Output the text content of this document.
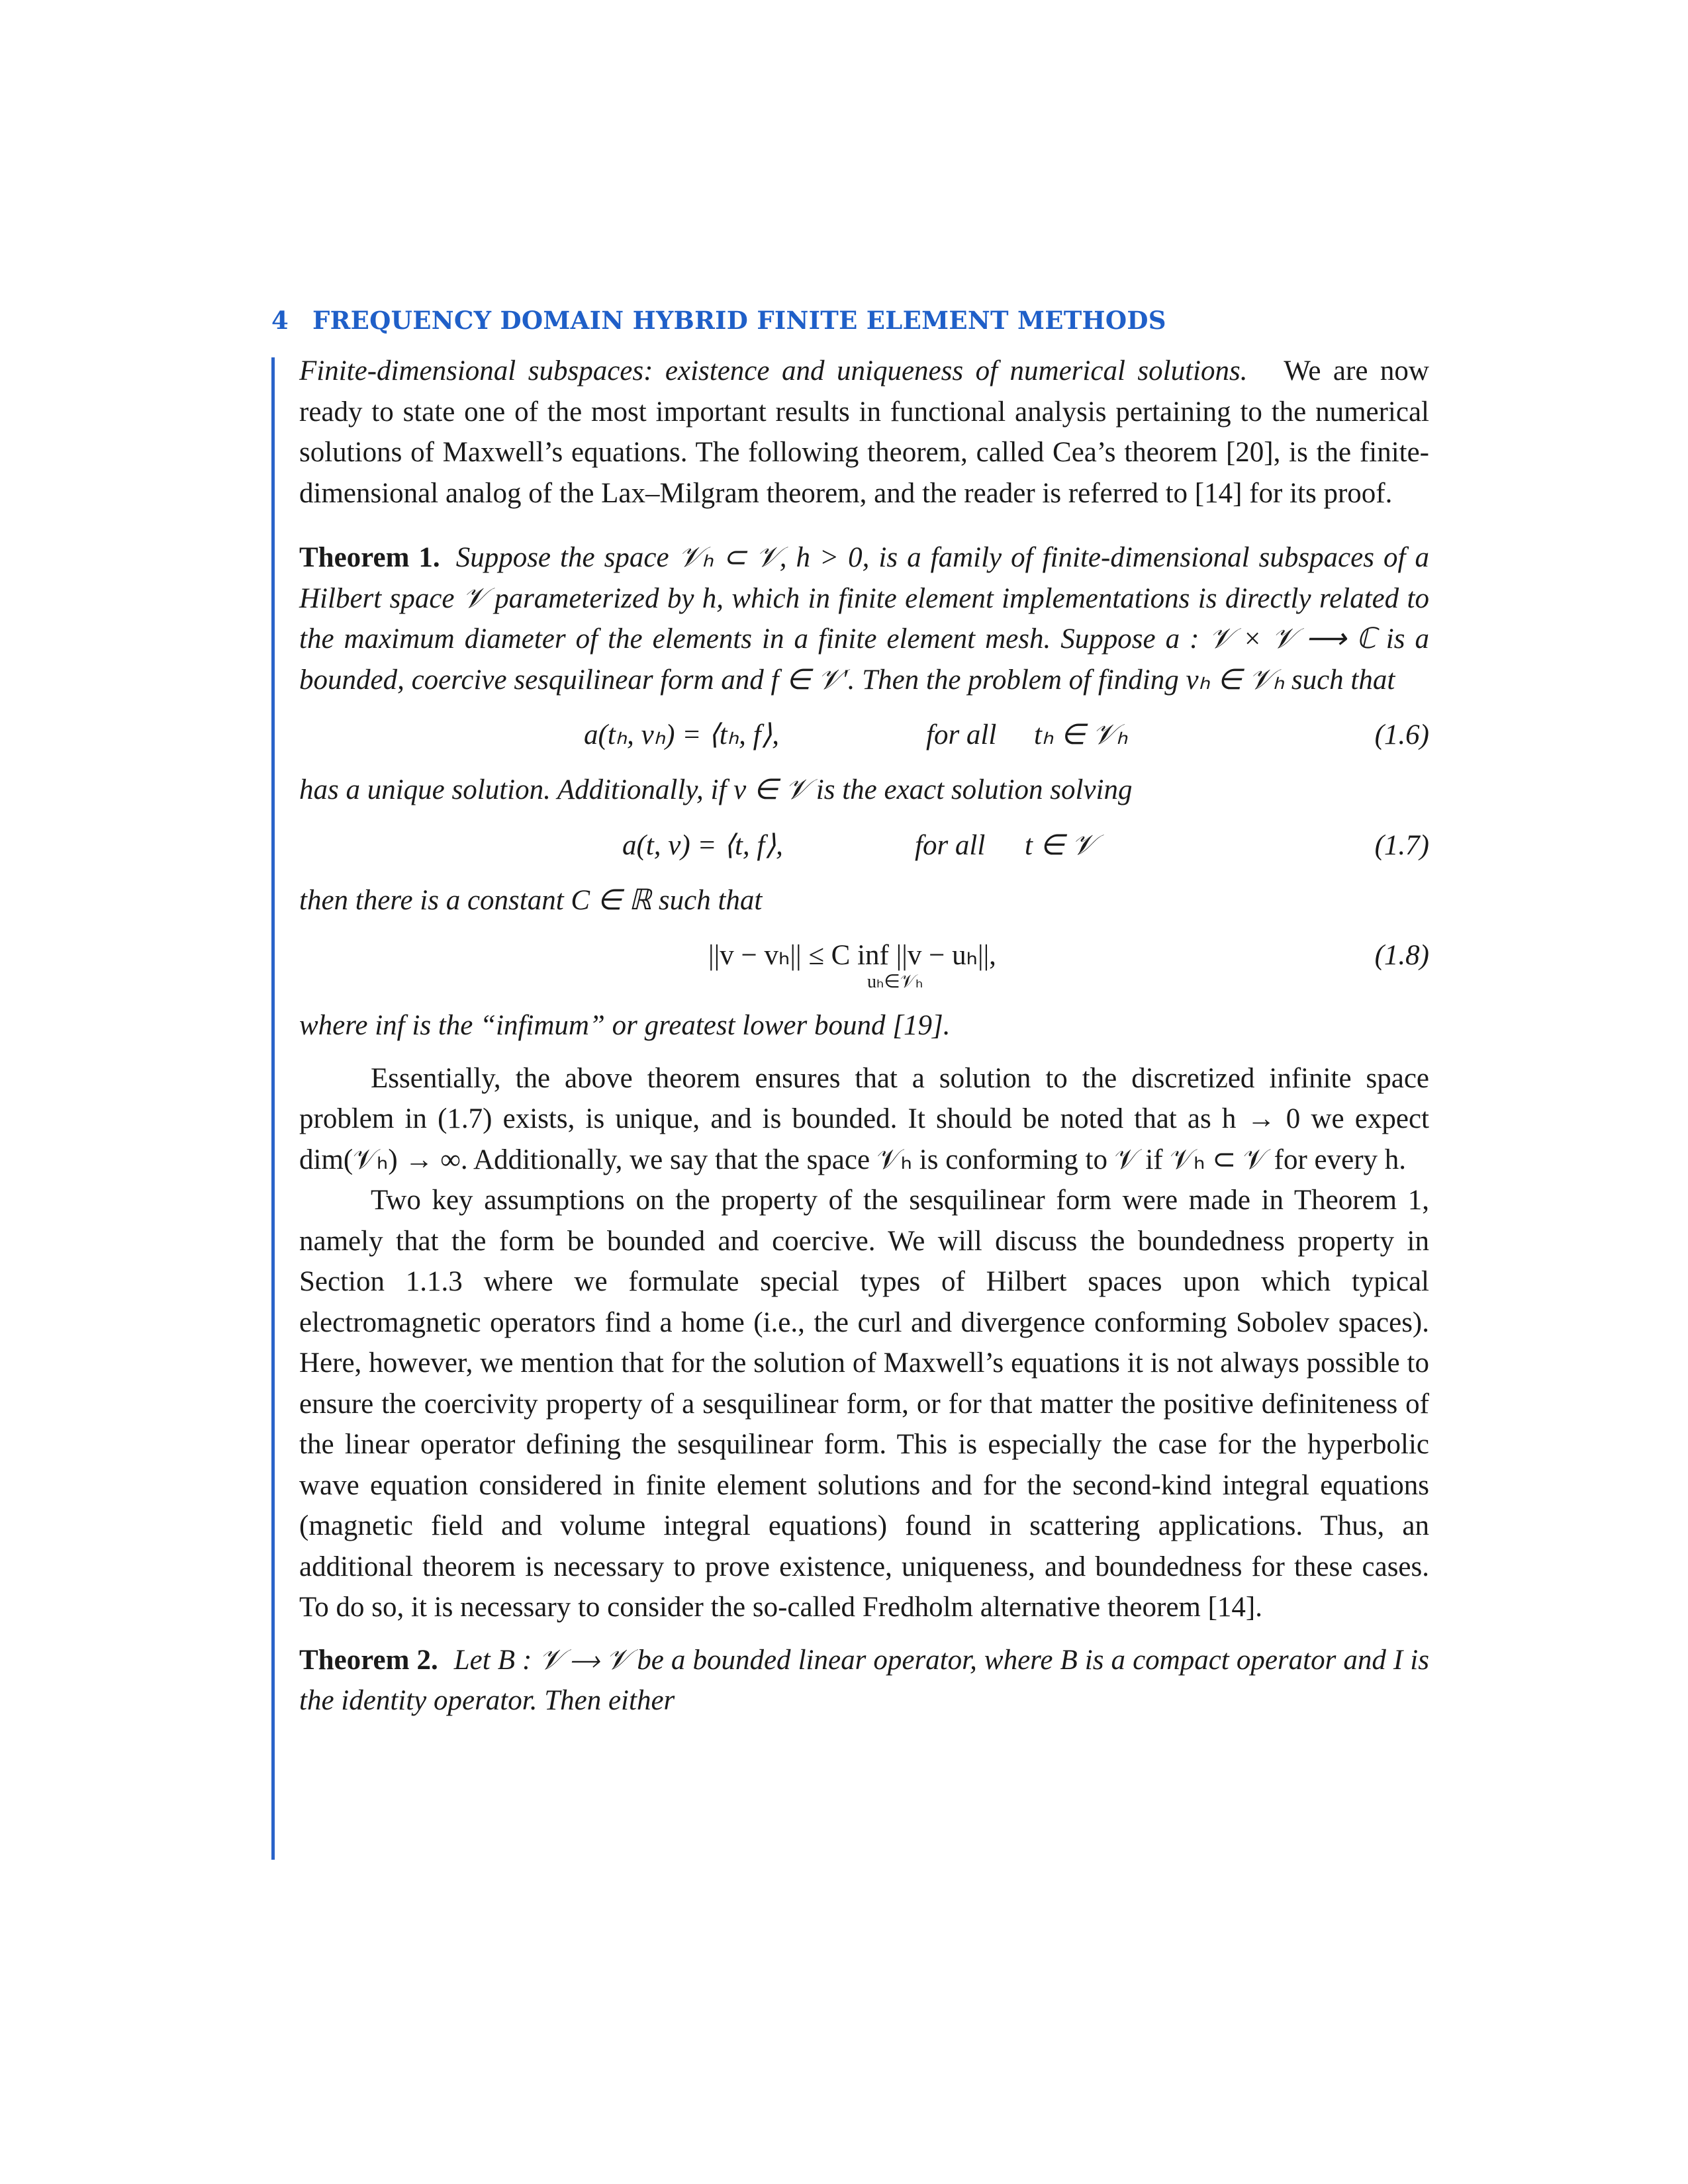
4 FREQUENCY DOMAIN HYBRID FINITE ELEMENT METHODS

Finite-dimensional subspaces: existence and uniqueness of numerical solutions. We are now ready to state one of the most important results in functional analysis pertaining to the numerical solutions of Maxwell’s equations. The following theorem, called Cea’s theorem [20], is the finite-dimensional analog of the Lax–Milgram theorem, and the reader is referred to [14] for its proof.

Theorem 1. Suppose the space 𝒱ₕ ⊂ 𝒱, h > 0, is a family of finite-dimensional subspaces of a Hilbert space 𝒱 parameterized by h, which in finite element implementations is directly related to the maximum diameter of the elements in a finite element mesh. Suppose a : 𝒱 × 𝒱 ⟶ ℂ is a bounded, coercive sesquilinear form and f ∈ 𝒱′. Then the problem of finding vₕ ∈ 𝒱ₕ such that

a(tₕ, vₕ) = ⟨tₕ, f⟩,	for all tₕ ∈ 𝒱ₕ	(1.6)

has a unique solution. Additionally, if v ∈ 𝒱 is the exact solution solving

a(t, v) = ⟨t, f⟩,	for all t ∈ 𝒱	(1.7)

then there is a constant C ∈ ℝ such that

||v − vₕ|| ≤ C inf ||v − uₕ||,
uₕ∈𝒱ₕ
(1.8)

where inf is the “infimum” or greatest lower bound [19].

Essentially, the above theorem ensures that a solution to the discretized infinite space problem in (1.7) exists, is unique, and is bounded. It should be noted that as h → 0 we expect dim(𝒱ₕ) → ∞. Additionally, we say that the space 𝒱ₕ is conforming to 𝒱 if 𝒱ₕ ⊂ 𝒱 for every h.

Two key assumptions on the property of the sesquilinear form were made in Theorem 1, namely that the form be bounded and coercive. We will discuss the boundedness property in Section 1.1.3 where we formulate special types of Hilbert spaces upon which typical electromagnetic operators find a home (i.e., the curl and divergence conforming Sobolev spaces). Here, however, we mention that for the solution of Maxwell’s equations it is not always possible to ensure the coercivity property of a sesquilinear form, or for that matter the positive definiteness of the linear operator defining the sesquilinear form. This is especially the case for the hyperbolic wave equation considered in finite element solutions and for the second-kind integral equations (magnetic field and volume integral equations) found in scattering applications. Thus, an additional theorem is necessary to prove existence, uniqueness, and boundedness for these cases. To do so, it is necessary to consider the so-called Fredholm alternative theorem [14].

Theorem 2. Let B : 𝒱 ⟶ 𝒱 be a bounded linear operator, where B is a compact operator and I is the identity operator. Then either
